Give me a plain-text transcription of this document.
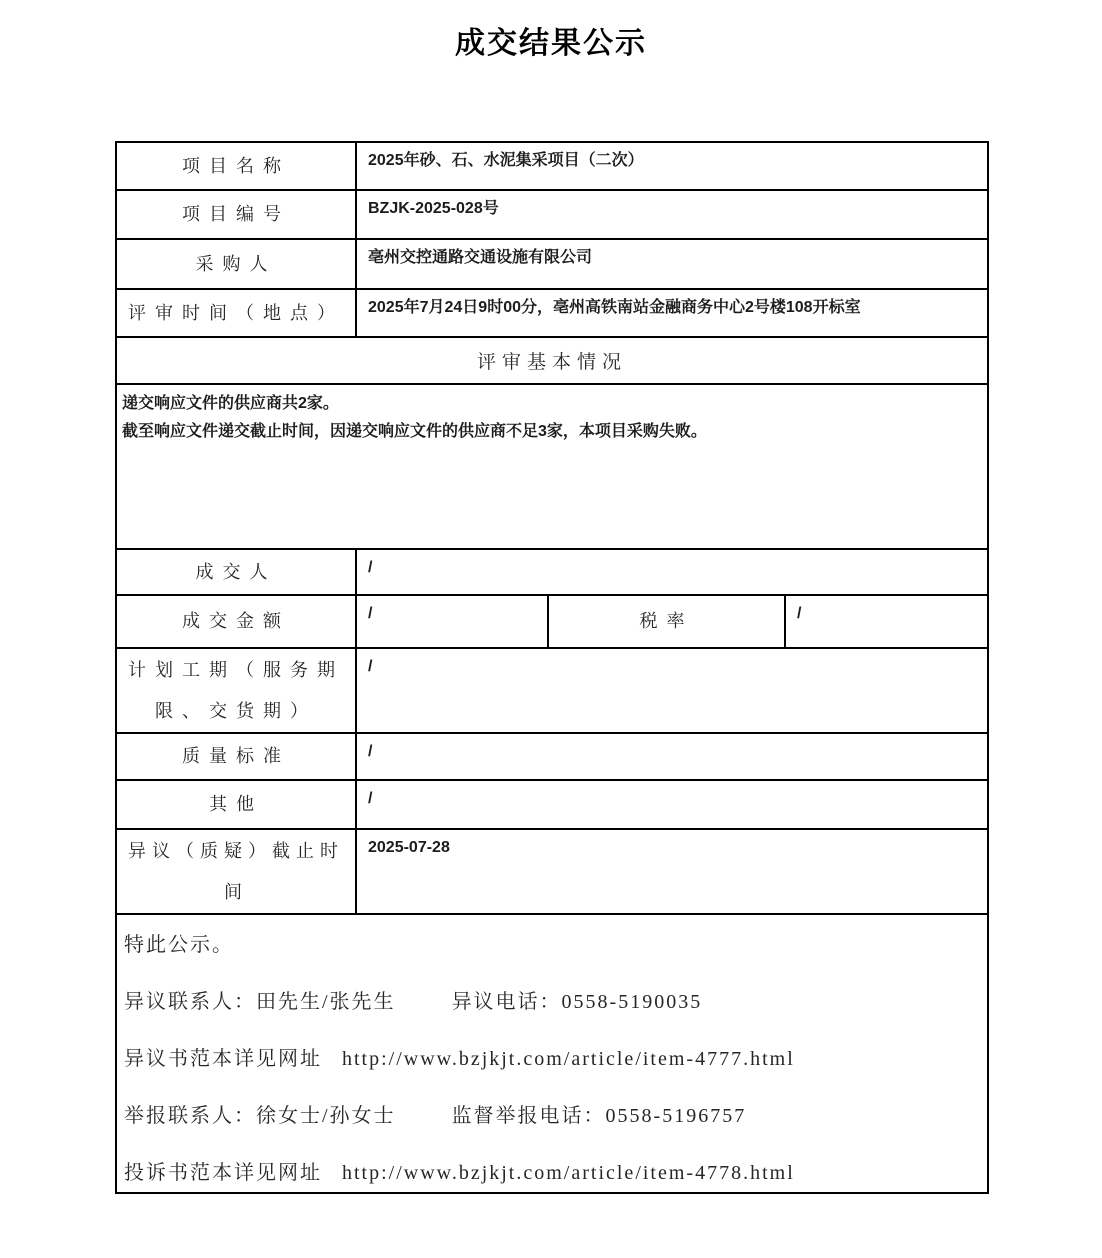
成交结果公示
项目名称	2025年砂、石、水泥集采项目（二次）		
项目编号	BZJK-2025-028号		
采购人	亳州交控通路交通设施有限公司		
评审时间（地点）	2025年7月24日9时00分，亳州高铁南站金融商务中心2号楼108开标室		
评审基本情况			

递交响应文件的供应商共2家。

截至响应文件递交截止时间，因递交响应文件的供应商不足3家，本项目采购失败。			

成交人	/		
成交金额	/	税率	/
计划工期（服务期限、交货期）	/		
质量标准	/		
其他	/		
异议（质疑）截止时间	2025-07-28		

特此公示。

异议联系人：田先生/张先生 异议电话：0558-5190035

异议书范本详见网址 http://www.bzjkjt.com/article/item-4777.html

举报联系人：徐女士/孙女士 监督举报电话：0558-5196757

投诉书范本详见网址 http://www.bzjkjt.com/article/item-4778.html			
